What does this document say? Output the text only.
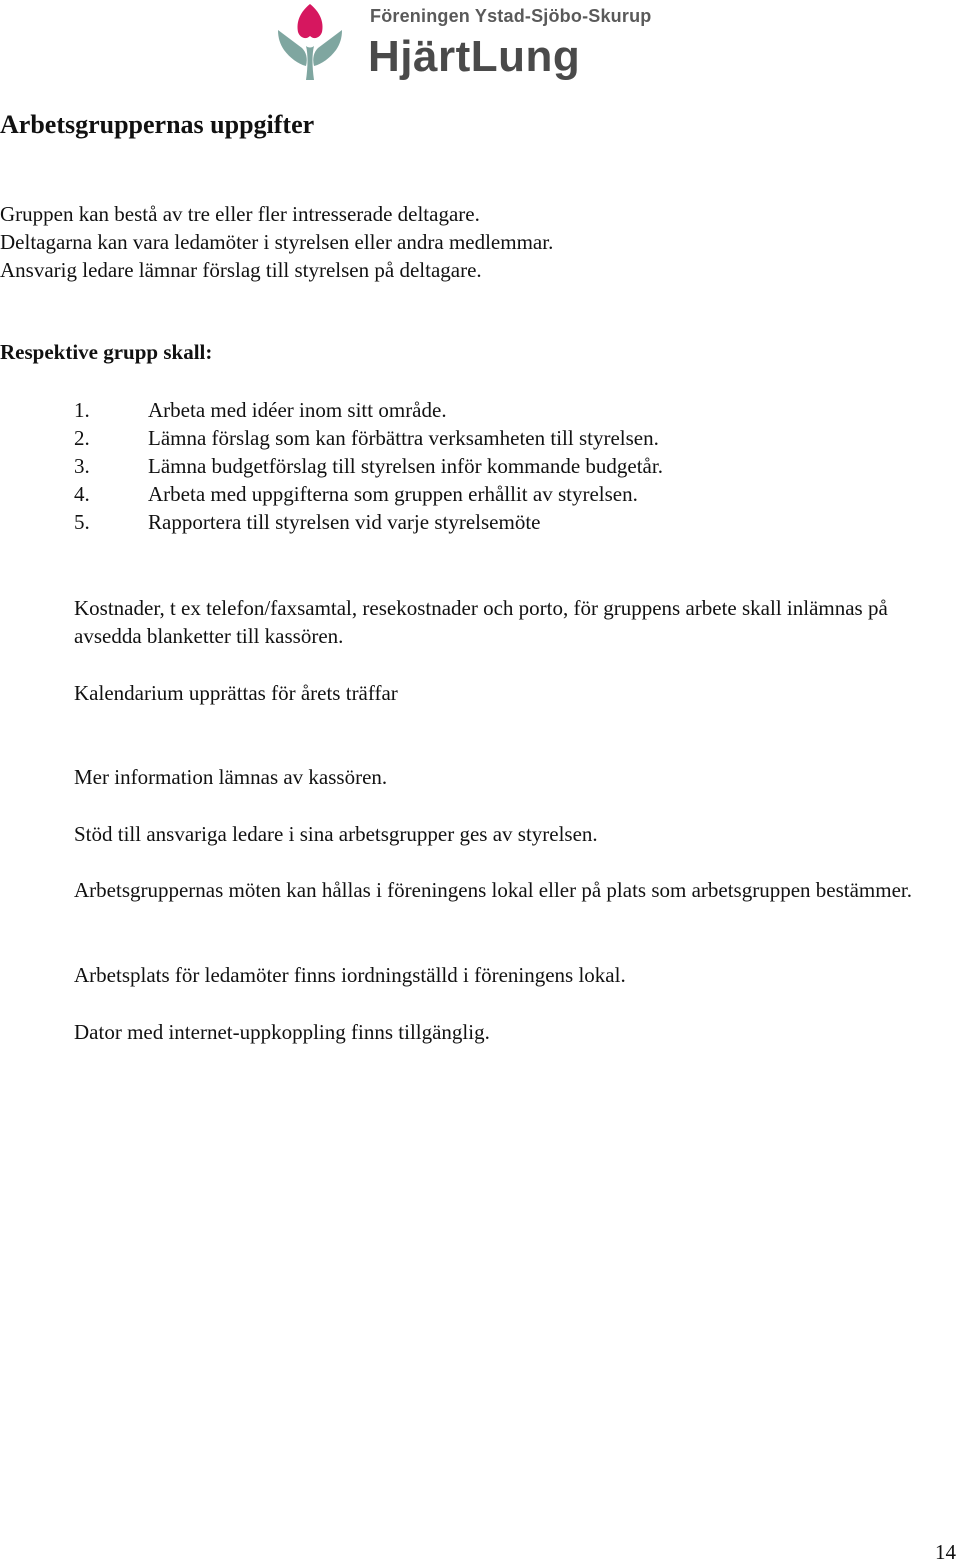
Föreningen Ystad-Sjöbo-Skurup
HjärtLung
Arbetsgruppernas uppgifter
Gruppen kan bestå av tre eller fler intresserade deltagare.
Deltagarna kan vara ledamöter i styrelsen eller andra medlemmar.
Ansvarig ledare lämnar förslag till styrelsen på deltagare.
Respektive grupp skall:
1.	Arbeta med idéer inom sitt område.
2.	Lämna förslag som kan förbättra verksamheten till styrelsen.
3.	Lämna budgetförslag till styrelsen inför kommande budgetår.
4.	Arbeta med uppgifterna som gruppen erhållit av styrelsen.
5.	Rapportera till styrelsen vid varje styrelsemöte

Kostnader, t ex telefon/faxsamtal, resekostnader och porto, för gruppens arbete skall inlämnas på avsedda blanketter till kassören.

Kalendarium upprättas för årets träffar

Mer information lämnas av kassören.

Stöd till ansvariga ledare i sina arbetsgrupper ges av styrelsen.

Arbetsgruppernas möten kan hållas i föreningens lokal eller på plats som arbetsgruppen bestämmer.

Arbetsplats för ledamöter finns iordningställd i föreningens lokal.

Dator med internet-uppkoppling finns tillgänglig.

14
